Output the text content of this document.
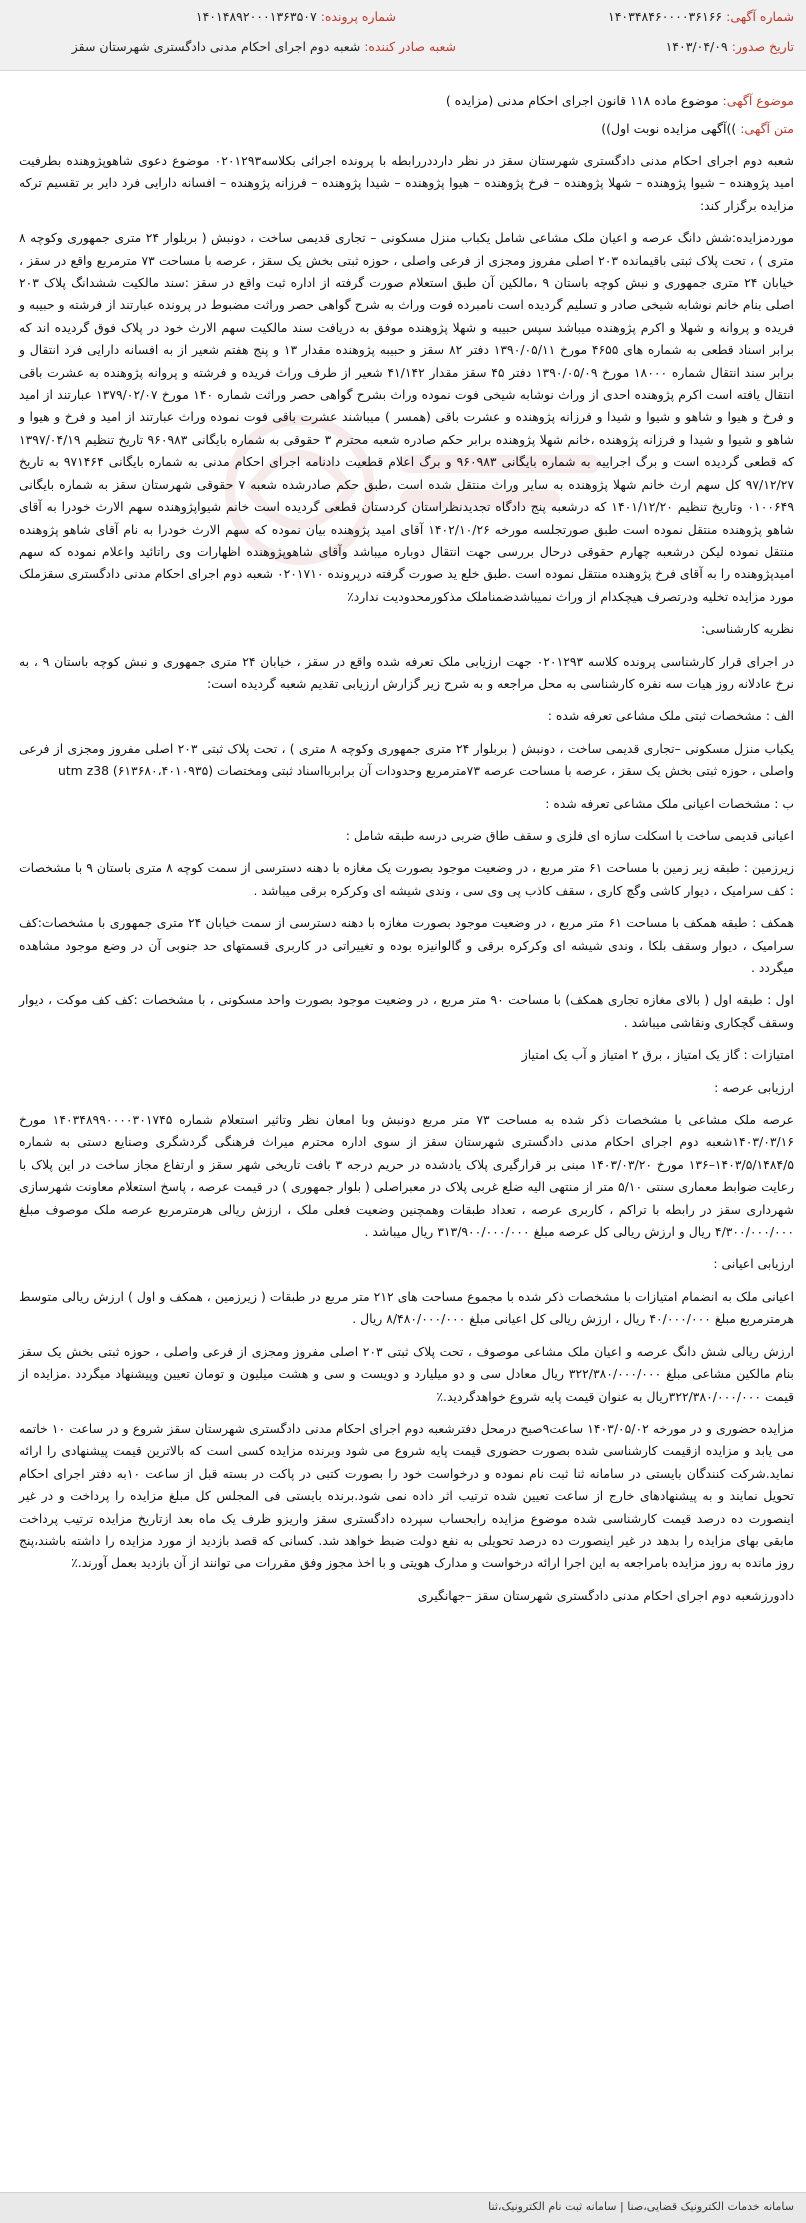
شماره آگهی: ۱۴۰۳۴۸۴۶۰۰۰۰۳۶۱۶۶
شماره پرونده: ۱۴۰۱۴۸۹۲۰۰۰۱۳۶۳۵۰۷
تاریخ صدور: ۱۴۰۳/۰۴/۰۹
شعبه صادر کننده: شعبه دوم اجرای احکام مدنی دادگستری شهرستان سقز
موضوع آگهی: موضوع ماده ۱۱۸ قانون اجرای احکام مدنی (مزایده )
متن آگهی: ))آگهی مزایده نوبت اول))

شعبه دوم اجرای احکام مدنی دادگستری شهرستان سقز در نظر دارددررابطه با پرونده اجرائی بکلاسه۰۲۰۱۲۹۳ موضوع دعوی شاهوپژوهنده بطرفیت امید پژوهنده – شیوا پژوهنده – شهلا پژوهنده – فرخ پژوهنده – هیوا پژوهنده – شیدا پژوهنده – فرزانه پژوهنده – افسانه دارایی فرد دایر بر تقسیم ترکه مزایده برگزار کند:

موردمزایده:شش دانگ عرصه و اعیان ملک مشاعی شامل یکباب منزل مسکونی – تجاری قدیمی ساخت ، دونبش ( بربلوار ۲۴ متری جمهوری وکوچه ۸ متری ) ، تحت پلاک ثبتی باقیمانده ۲۰۳ اصلی مفروز ومجزی از فرعی واصلی ، حوزه ثبتی بخش یک سقز ، عرصه با مساحت ۷۳ مترمربع واقع در سقز ، خیابان ۲۴ متری جمهوری و نبش کوچه باستان ۹ ،مالکین آن طبق استعلام صورت گرفته از اداره ثبت واقع در سقز :سند مالکیت ششدانگ پلاک ۲۰۳ اصلی بنام خانم نوشابه شیخی صادر و تسلیم گردیده است نامبرده فوت وراث به شرح گواهی حصر وراثت مضبوط در پرونده عبارتند از فرشته و حبیبه و فریده و پروانه و شهلا و اکرم پژوهنده میباشد سپس حبیبه و شهلا پژوهنده موفق به دریافت سند مالکیت سهم الارث خود در پلاک فوق گردیده اند که برابر اسناد قطعی به شماره های ۴۶۵۵ مورخ ۱۳۹۰/۰۵/۱۱ دفتر ۸۲ سقز و حبیبه پژوهنده مقدار ۱۳ و پنج هفتم شعیر از به افسانه دارایی فرد انتقال و برابر سند انتقال شماره ۱۸۰۰۰ مورخ ۱۳۹۰/۰۵/۰۹ دفتر ۴۵ سقز مقدار ۴۱/۱۴۲ شعیر از طرف وراث فریده و فرشته و پروانه پژوهنده به عشرت باقی انتقال یافته است اکرم پژوهنده احدی از وراث نوشابه شیخی فوت نموده وراث بشرح گواهی حصر وراثت شماره ۱۴۰ مورخ ۱۳۷۹/۰۲/۰۷ عبارتند از امید و فرخ و هیوا و شاهو و شیوا و شیدا و فرزانه پژوهنده و عشرت باقی (همسر ) میباشند عشرت باقی فوت نموده وراث عبارتند از امید و فرخ و هیوا و شاهو و شیوا و شیدا و فرزانه پژوهنده ،خانم شهلا پژوهنده برابر حکم صادره شعبه محترم ۳ حقوقی به شماره بایگانی ۹۶۰۹۸۳ تاریخ تنظیم ۱۳۹۷/۰۴/۱۹ که قطعی گردیده است و برگ اجراییه به شماره بایگانی ۹۶۰۹۸۳ و برگ اعلام قطعیت دادنامه اجرای احکام مدنی به شماره بایگانی ۹۷۱۴۶۴ به تاریخ ۹۷/۱۲/۲۷ کل سهم ارث خانم شهلا پژوهنده به سایر وراث منتقل شده است ،طبق حکم صادرشده شعبه ۷ حقوقی شهرستان سقز به شماره بایگانی ۰۱۰۰۶۴۹ وتاریخ تنظیم ۱۴۰۱/۱۲/۲۰ که درشعبه پنج دادگاه تجدیدنظراستان کردستان قطعی گردیده است خانم شیواپژوهنده سهم الارث خودرا به آقای شاهو پژوهنده منتقل نموده است طبق صورتجلسه مورخه ۱۴۰۲/۱۰/۲۶ آقای امید پژوهنده بیان نموده که سهم الارث خودرا به نام آقای شاهو پژوهنده منتقل نموده لیکن درشعبه چهارم حقوقی درحال بررسی جهت انتقال دوباره میباشد وآقای شاهوپژوهنده اظهارات وی راتائید واعلام نموده که سهم امیدپژوهنده را به آقای فرخ پژوهنده منتقل نموده است .طبق خلع ید صورت گرفته درپرونده ۰۲۰۱۷۱۰ شعبه دوم اجرای احکام مدنی دادگستری سقزملک مورد مزایده تخلیه ودرتصرف هیچکدام از وراث نمیباشدضمناملک مذکورمحدودیت ندارد٪

نظریه کارشناسی:

در اجرای قرار کارشناسی پرونده کلاسه ۰۲۰۱۲۹۳ جهت ارزیابی ملک تعرفه شده واقع در سقز ، خیابان ۲۴ متری جمهوری و نبش کوچه باستان ۹ ، به نرخ عادلانه روز هیات سه نفره کارشناسی به محل مراجعه و به شرح زیر گزارش ارزیابی تقدیم شعبه گردیده است:

الف : مشخصات ثبتی ملک مشاعی تعرفه شده :

یکباب منزل مسکونی –تجاری قدیمی ساخت ، دونبش ( بربلوار ۲۴ متری جمهوری وکوچه ۸ متری ) ، تحت پلاک ثبتی ۲۰۳ اصلی مفروز ومجزی از فرعی واصلی ، حوزه ثبتی بخش یک سقز ، عرصه با مساحت عرصه ۷۳مترمربع وحدودات آن برابربااسناد ثبتی ومختصات (۶۱۳۶۸۰،۴۰۱۰۹۳۵) utm z38

ب : مشخصات اعیانی ملک مشاعی تعرفه شده :

اعیانی قدیمی ساخت با اسکلت سازه ای فلزی و سقف طاق ضربی درسه طبقه شامل :

زیرزمین : طبقه زیر زمین با مساحت ۶۱ متر مربع ، در وضعیت موجود بصورت یک مغازه با دهنه دسترسی از سمت کوچه ۸ متری باستان ۹ با مشخصات : کف سرامیک ، دیوار کاشی وگچ کاری ، سقف کاذب پی وی سی ، وندی شیشه ای وکرکره برقی میباشد .

همکف : طبقه همکف با مساحت ۶۱ متر مربع ، در وضعیت موجود بصورت مغازه با دهنه دسترسی از سمت خیابان ۲۴ متری جمهوری با مشخصات:کف سرامیک ، دیوار وسقف بلکا ، وندی شیشه ای وکرکره برقی و گالوانیزه بوده و تغییراتی در کاربری قسمتهای حد جنوبی آن در وضع موجود مشاهده میگردد .

اول : طبقه اول ( بالای مغازه تجاری همکف) با مساحت ۹۰ متر مربع ، در وضعیت موجود بصورت واحد مسکونی ، با مشخصات :کف کف موکت ، دیوار وسقف گچکاری ونقاشی میباشد .

امتیازات : گاز یک امتیاز ، برق ۲ امتیاز و آب یک امتیاز

ارزیابی عرصه :

عرصه ملک مشاعی با مشخصات ذکر شده به مساحت ۷۳ متر مربع دونبش وبا امعان نظر وتاثیر استعلام شماره ۱۴۰۳۴۸۹۹۰۰۰۰۳۰۱۷۴۵ مورخ ۱۴۰۳/۰۳/۱۶شعبه دوم اجرای احکام مدنی دادگستری شهرستان سقز از سوی اداره محترم میراث فرهنگی گردشگری وصنایع دستی به شماره ۱۴۰۳/۵/۱۴۸۴/۵–۱۳۶ مورخ ۱۴۰۳/۰۳/۲۰ مبنی بر قرارگیری پلاک یادشده در حریم درجه ۳ بافت تاریخی شهر سقز و ارتفاع مجاز ساخت در این پلاک با رعایت ضوابط معماری سنتی ۵/۱۰ متر از منتهی الیه ضلع غربی پلاک در معبراصلی ( بلوار جمهوری ) در قیمت عرصه ، پاسخ استعلام معاونت شهرسازی شهرداری سقز در رابطه با تراکم ، کاربری عرصه ، تعداد طبقات وهمچنین وضعیت فعلی ملک ، ارزش ریالی هرمترمربع عرصه ملک موصوف مبلغ ۴/۳۰۰/۰۰۰/۰۰۰ ریال و ارزش ریالی کل عرصه مبلغ ۳۱۳/۹۰۰/۰۰۰/۰۰۰ ریال میباشد .

ارزیابی اعیانی :

اعیانی ملک به انضمام امتیازات با مشخصات ذکر شده با مجموع مساحت های ۲۱۲ متر مربع در طبقات ( زیرزمین ، همکف و اول ) ارزش ریالی متوسط هرمترمربع مبلغ ۴۰/۰۰۰/۰۰۰ ریال ، ارزش ریالی کل اعیانی مبلغ ۸/۴۸۰/۰۰۰/۰۰۰ ریال .

ارزش ریالی شش دانگ عرصه و اعیان ملک مشاعی موصوف ، تحت پلاک ثبتی ۲۰۳ اصلی مفروز ومجزی از فرعی واصلی ، حوزه ثبتی بخش یک سقز بنام مالکین مشاعی مبلغ ۳۲۲/۳۸۰/۰۰۰/۰۰۰ ریال معادل سی و دو میلیارد و دویست و سی و هشت میلیون و تومان تعیین وپیشنهاد میگردد .مزایده از قیمت ۳۲۲/۳۸۰/۰۰۰/۰۰۰ریال به عنوان قیمت پایه شروع خواهدگردید.٪

مزایده حضوری و در مورخه ۱۴۰۳/۰۵/۰۲ ساعت۹صبح درمحل دفترشعبه دوم اجرای احکام مدنی دادگستری شهرستان سقز شروع و در ساعت ۱۰ خاتمه می یابد و مزایده ازقیمت کارشناسی شده بصورت حضوری قیمت پایه شروع می شود وبرنده مزایده کسی است که بالاترین قیمت پیشنهادی را ارائه نماید.شرکت کنندگان بایستی در سامانه ثنا ثبت نام نموده و درخواست خود را بصورت کتبی در پاکت در بسته قبل از ساعت ۱۰به دفتر اجرای احکام تحویل نمایند و به پیشنهادهای خارج از ساعت تعیین شده ترتیب اثر داده نمی شود.برنده بایستی فی المجلس کل مبلغ مزایده را پرداخت و در غیر اینصورت ده درصد قیمت کارشناسی شده موضوع مزایده رابحساب سپرده دادگستری سقز واریزو ظرف یک ماه بعد ازتاریخ مزایده ترتیب پرداخت مابقی بهای مزایده را بدهد در غیر اینصورت ده درصد تحویلی به نفع دولت ضبط خواهد شد. کسانی که قصد بازدید از مورد مزایده را داشته باشند،پنج روز مانده به روز مزایده بامراجعه به این اجرا ارائه درخواست و مدارک هویتی و با اخذ مجوز وفق مقررات می توانند از آن بازدید بعمل آورند.٪

دادورزشعبه دوم اجرای احکام مدنی دادگستری شهرستان سقز –جهانگیری

سامانه خدمات الکترونیک قضایی،صنا | سامانه ثبت نام الکترونیک،ثنا
